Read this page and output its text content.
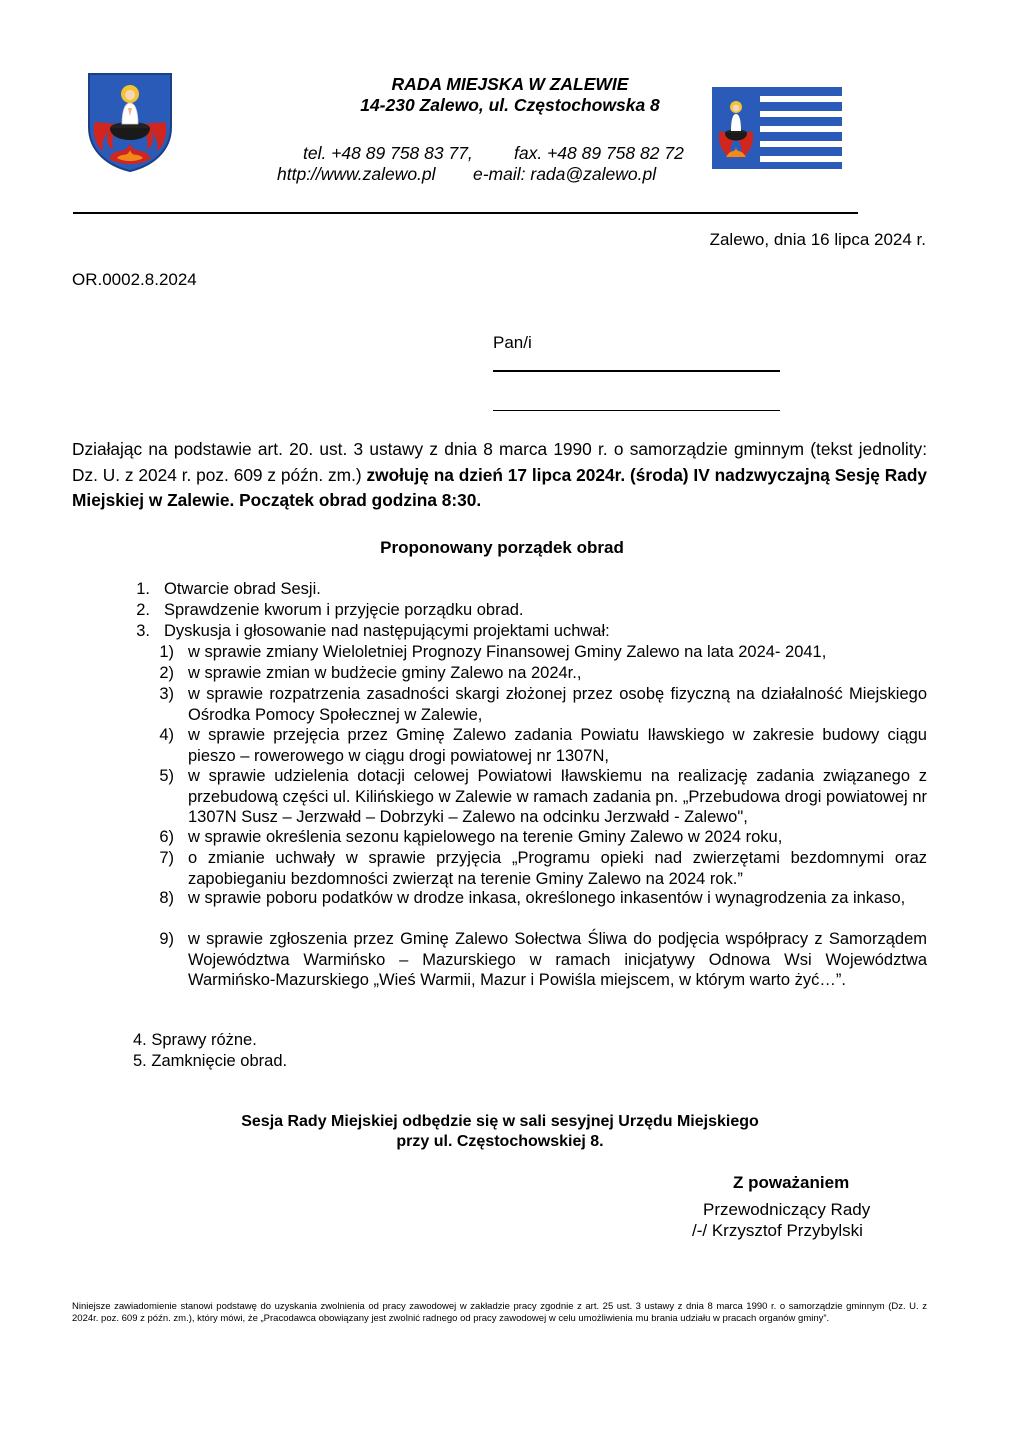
RADA MIEJSKA W ZALEWIE
14-230 Zalewo, ul. Częstochowska 8
tel. +48 89 758 83 77, fax. +48 89 758 82 72
http://www.zalewo.pl e-mail: rada@zalewo.pl
Zalewo, dnia 16 lipca 2024 r.
OR.0002.8.2024
Pan/i
Działając na podstawie art. 20. ust. 3 ustawy z dnia 8 marca 1990 r. o samorządzie gminnym (tekst jednolity: Dz. U. z 2024 r. poz. 609 z późn. zm.) zwołuję na dzień 17 lipca 2024r. (środa) IV nadzwyczajną Sesję Rady Miejskiej w Zalewie. Początek obrad godzina 8:30.
Proponowany porządek obrad
1. Otwarcie obrad Sesji.
2. Sprawdzenie kworum i przyjęcie porządku obrad.
3. Dyskusja i głosowanie nad następującymi projektami uchwał:
1) w sprawie zmiany Wieloletniej Prognozy Finansowej Gminy Zalewo na lata 2024- 2041,
2) w sprawie zmian w budżecie gminy Zalewo na 2024r.,
3) w sprawie rozpatrzenia zasadności skargi złożonej przez osobę fizyczną na działalność Miejskiego Ośrodka Pomocy Społecznej w Zalewie,
4) w sprawie przejęcia przez Gminę Zalewo zadania Powiatu Iławskiego w zakresie budowy ciągu pieszo – rowerowego w ciągu drogi powiatowej nr 1307N,
5) w sprawie udzielenia dotacji celowej Powiatowi Iławskiemu na realizację zadania związanego z przebudową części ul. Kilińskiego w Zalewie w ramach zadania pn. „Przebudowa drogi powiatowej nr 1307N Susz – Jerzwałd – Dobrzyki – Zalewo na odcinku Jerzwałd - Zalewo",
6) w sprawie określenia sezonu kąpielowego na terenie Gminy Zalewo w 2024 roku,
7) o zmianie uchwały w sprawie przyjęcia „Programu opieki nad zwierzętami bezdomnymi oraz zapobieganiu bezdomności zwierząt na terenie Gminy Zalewo na 2024 rok.”
8) w sprawie poboru podatków w drodze inkasa, określonego inkasentów i wynagrodzenia za inkaso,
9) w sprawie zgłoszenia przez Gminę Zalewo Sołectwa Śliwa do podjęcia współpracy z Samorządem Województwa Warmińsko – Mazurskiego w ramach inicjatywy Odnowa Wsi Województwa Warmińsko-Mazurskiego „Wieś Warmii, Mazur i Powiśla miejscem, w którym warto żyć…”.
4. Sprawy różne.
5. Zamknięcie obrad.
Sesja Rady Miejskiej odbędzie się w sali sesyjnej Urzędu Miejskiego
przy ul. Częstochowskiej 8.
Z poważaniem
Przewodniczący Rady
/-/ Krzysztof Przybylski
Niniejsze zawiadomienie stanowi podstawę do uzyskania zwolnienia od pracy zawodowej w zakładzie pracy zgodnie z art. 25 ust. 3 ustawy z dnia 8 marca 1990 r. o samorządzie gminnym (Dz. U. z 2024r. poz. 609 z późn. zm.), który mówi, że „Pracodawca obowiązany jest zwolnić radnego od pracy zawodowej w celu umożliwienia mu brania udziału w pracach organów gminy”.
